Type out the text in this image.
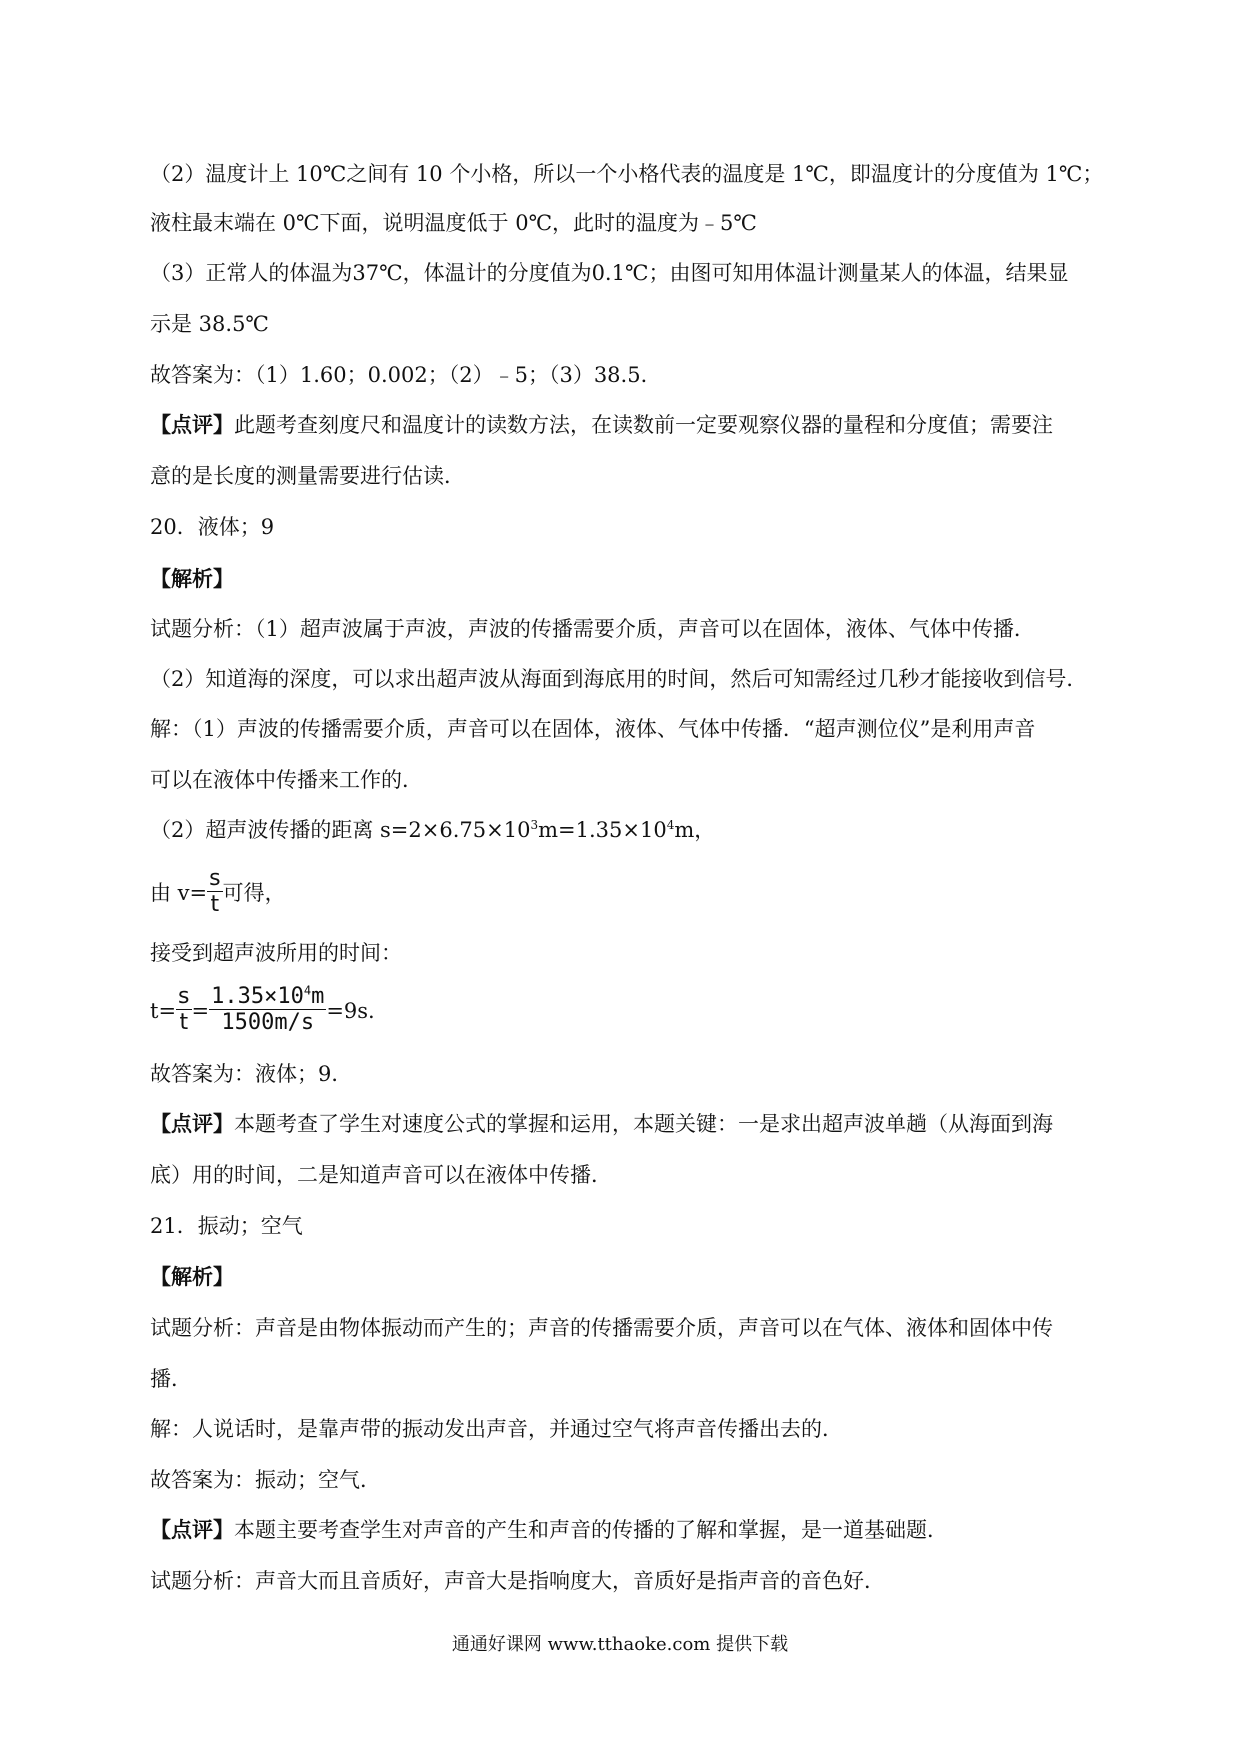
（2）温度计上 10℃之间有 10 个小格，所以一个小格代表的温度是 1℃，即温度计的分度值为 1℃；
液柱最末端在 0℃下面，说明温度低于 0℃，此时的温度为﹣5℃
（3）正常人的体温为37℃，体温计的分度值为0.1℃；由图可知用体温计测量某人的体温，结果显
示是 38.5℃
故答案为：（1）1.60；0.002；（2）﹣5；（3）38.5．
【点评】此题考查刻度尺和温度计的读数方法，在读数前一定要观察仪器的量程和分度值；需要注
意的是长度的测量需要进行估读．
20．液体；9
【解析】
试题分析：（1）超声波属于声波，声波的传播需要介质，声音可以在固体，液体、气体中传播．
（2）知道海的深度，可以求出超声波从海面到海底用的时间，然后可知需经过几秒才能接收到信号．
解：（1）声波的传播需要介质，声音可以在固体，液体、气体中传播．“超声测位仪”是利用声音
可以在液体中传播来工作的．
（2）超声波传播的距离 $s=2\times 6.75\times 10^3m=1.35\times 10^4m$，
由 $v= \frac{s}{t}$ 可得，
接受到超声波所用的时间：
$t= \frac{s}{t} = \frac{1.35\times 10^4m}{1500m/s} =9s$.
故答案为：液体；9．
【点评】本题考查了学生对速度公式的掌握和运用，本题关键：一是求出超声波单趟（从海面到海
底）用的时间，二是知道声音可以在液体中传播．
21．振动；空气
【解析】
试题分析：声音是由物体振动而产生的；声音的传播需要介质，声音可以在气体、液体和固体中传
播．
解：人说话时，是靠声带的振动发出声音，并通过空气将声音传播出去的．
故答案为：振动；空气．
【点评】本题主要考查学生对声音的产生和声音的传播的了解和掌握，是一道基础题．
试题分析：声音大而且音质好，声音大是指响度大，音质好是指声音的音色好．
通通好课网 www.tthaoke.com 提供下载
